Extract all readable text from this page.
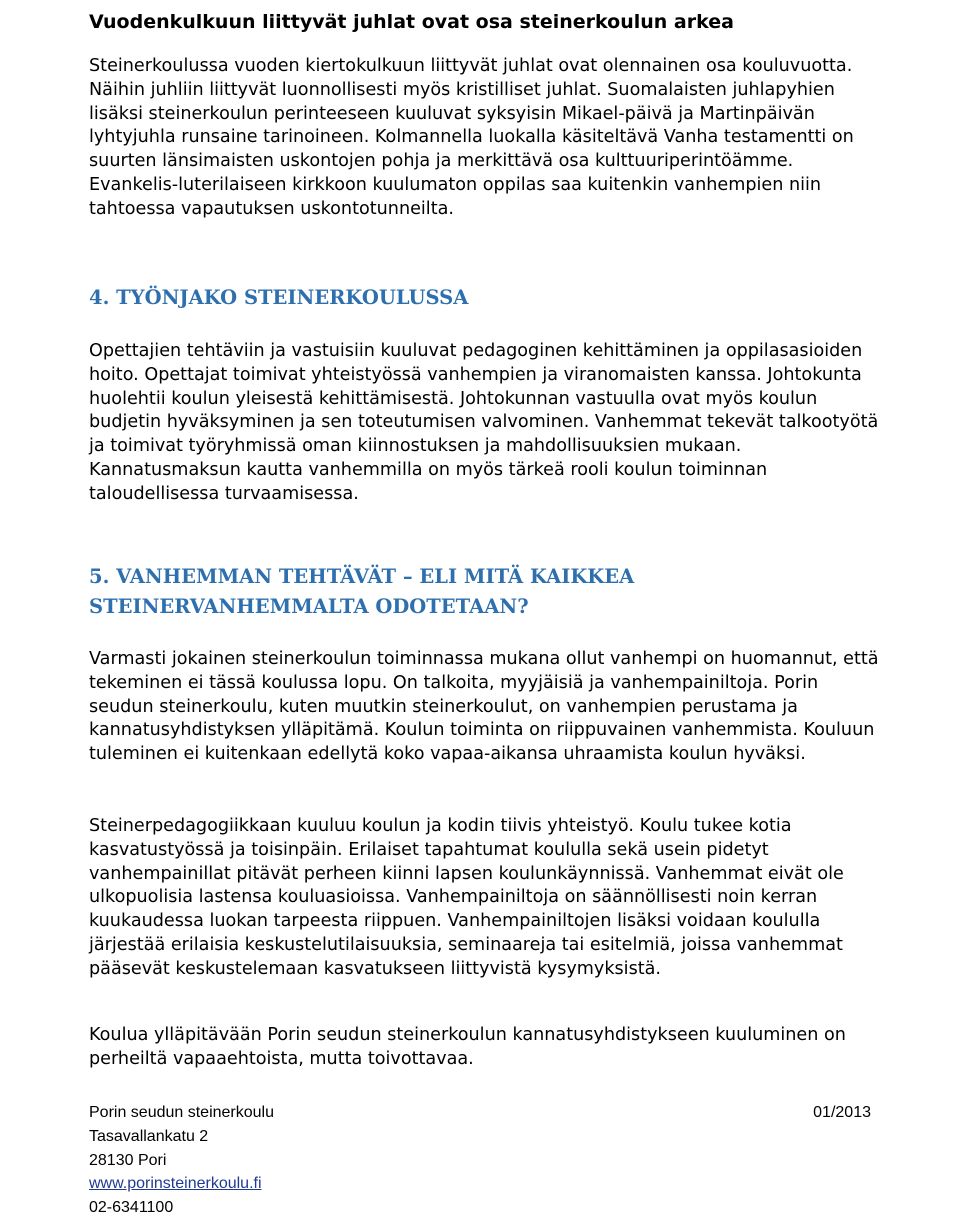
Vuodenkulkuun liittyvät juhlat ovat osa steinerkoulun arkea

Steinerkoulussa vuoden kiertokulkuun liittyvät juhlat ovat olennainen osa kouluvuotta. Näihin juhliin liittyvät luonnollisesti myös kristilliset juhlat. Suomalaisten juhlapyhien lisäksi steinerkoulun perinteeseen kuuluvat syksyisin Mikael-päivä ja Martinpäivän lyhtyjuhla runsaine tarinoineen. Kolmannella luokalla käsiteltävä Vanha testamentti on suurten länsimaisten uskontojen pohja ja merkittävä osa kulttuuriperintöämme. Evankelis-luterilaiseen kirkkoon kuulumaton oppilas saa kuitenkin vanhempien niin tahtoessa vapautuksen uskontotunneilta.

4. TYÖNJAKO STEINERKOULUSSA

Opettajien tehtäviin ja vastuisiin kuuluvat pedagoginen kehittäminen ja oppilasasioiden hoito. Opettajat toimivat yhteistyössä vanhempien ja viranomaisten kanssa. Johtokunta huolehtii koulun yleisestä kehittämisestä. Johtokunnan vastuulla ovat myös koulun budjetin hyväksyminen ja sen toteutumisen valvominen. Vanhemmat tekevät talkootyötä ja toimivat työryhmissä oman kiinnostuksen ja mahdollisuuksien mukaan. Kannatusmaksun kautta vanhemmilla on myös tärkeä rooli koulun toiminnan taloudellisessa turvaamisessa.

5. VANHEMMAN TEHTÄVÄT – ELI MITÄ KAIKKEA STEINERVANHEMMALTA ODOTETAAN?

Varmasti jokainen steinerkoulun toiminnassa mukana ollut vanhempi on huomannut, että tekeminen ei tässä koulussa lopu. On talkoita, myyjäisiä ja vanhempainiltoja. Porin seudun steinerkoulu, kuten muutkin steinerkoulut, on vanhempien perustama ja kannatusyhdistyksen ylläpitämä. Koulun toiminta on riippuvainen vanhemmista. Kouluun tuleminen ei kuitenkaan edellytä koko vapaa-aikansa uhraamista koulun hyväksi.

Steinerpedagogiikkaan kuuluu koulun ja kodin tiivis yhteistyö. Koulu tukee kotia kasvatustyössä ja toisinpäin. Erilaiset tapahtumat koululla sekä usein pidetyt vanhempainillat pitävät perheen kiinni lapsen koulunkäynnissä. Vanhemmat eivät ole ulkopuolisia lastensa kouluasioissa. Vanhempainiltoja on säännöllisesti noin kerran kuukaudessa luokan tarpeesta riippuen. Vanhempainiltojen lisäksi voidaan koululla järjestää erilaisia keskustelutilaisuuksia, seminaareja tai esitelmiä, joissa vanhemmat pääsevät keskustelemaan kasvatukseen liittyvistä kysymyksistä.

Koulua ylläpitävään Porin seudun steinerkoulun kannatusyhdistykseen kuuluminen on perheiltä vapaaehtoista, mutta toivottavaa.

Porin seudun steinerkoulu	01/2013
Tasavallankatu 2
28130 Pori
www.porinsteinerkoulu.fi
02-6341100
